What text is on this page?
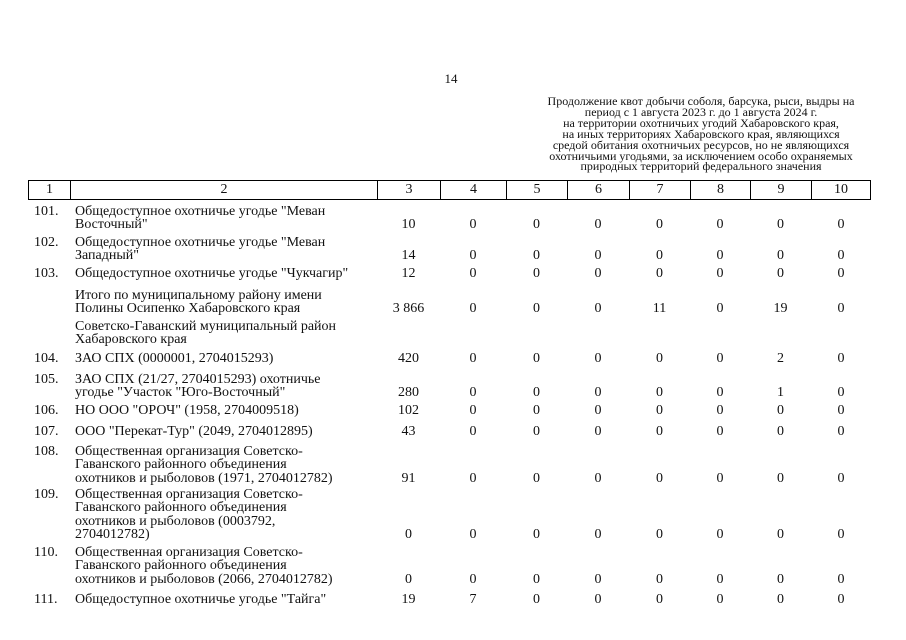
14
Продолжение квот добычи соболя, барсука, рыси, выдры на
период с 1 августа 2023 г. до 1 августа 2024 г.
на территории охотничьих угодий Хабаровского края,
на иных территориях Хабаровского края, являющихся
средой обитания охотничьих ресурсов, но не являющихся
охотничьими угодьями, за исключением особо охраняемых
природных территорий федерального значения
1	2	3	4	5	6	7	8	9	10
101.	Общедоступное охотничье угодье "Меван
Восточный"	10	0	0	0	0	0	0	0
102.	Общедоступное охотничье угодье "Меван
Западный"	14	0	0	0	0	0	0	0
103.	Общедоступное охотничье угодье "Чукчагир"	12	0	0	0	0	0	0	0
Итого по муниципальному району имени
Полины Осипенко Хабаровского края	3 866	0	0	0	11	0	19	0
Советско-Гаванский муниципальный район
Хабаровского края
104.	ЗАО СПХ (0000001, 2704015293)	420	0	0	0	0	0	2	0
105.	ЗАО СПХ (21/27, 2704015293) охотничье
угодье "Участок "Юго-Восточный"	280	0	0	0	0	0	1	0
106.	НО ООО "ОРОЧ" (1958, 2704009518)	102	0	0	0	0	0	0	0
107.	ООО "Перекат-Тур" (2049, 2704012895)	43	0	0	0	0	0	0	0
108.	Общественная организация Советско-
Гаванского районного объединения
охотников и рыболовов (1971, 2704012782)	91	0	0	0	0	0	0	0
109.	Общественная организация Советско-
Гаванского районного объединения
охотников и рыболовов (0003792,
2704012782)	0	0	0	0	0	0	0	0
110.	Общественная организация Советско-
Гаванского районного объединения
охотников и рыболовов (2066, 2704012782)	0	0	0	0	0	0	0	0
111.	Общедоступное охотничье угодье "Тайга"	19	7	0	0	0	0	0	0
